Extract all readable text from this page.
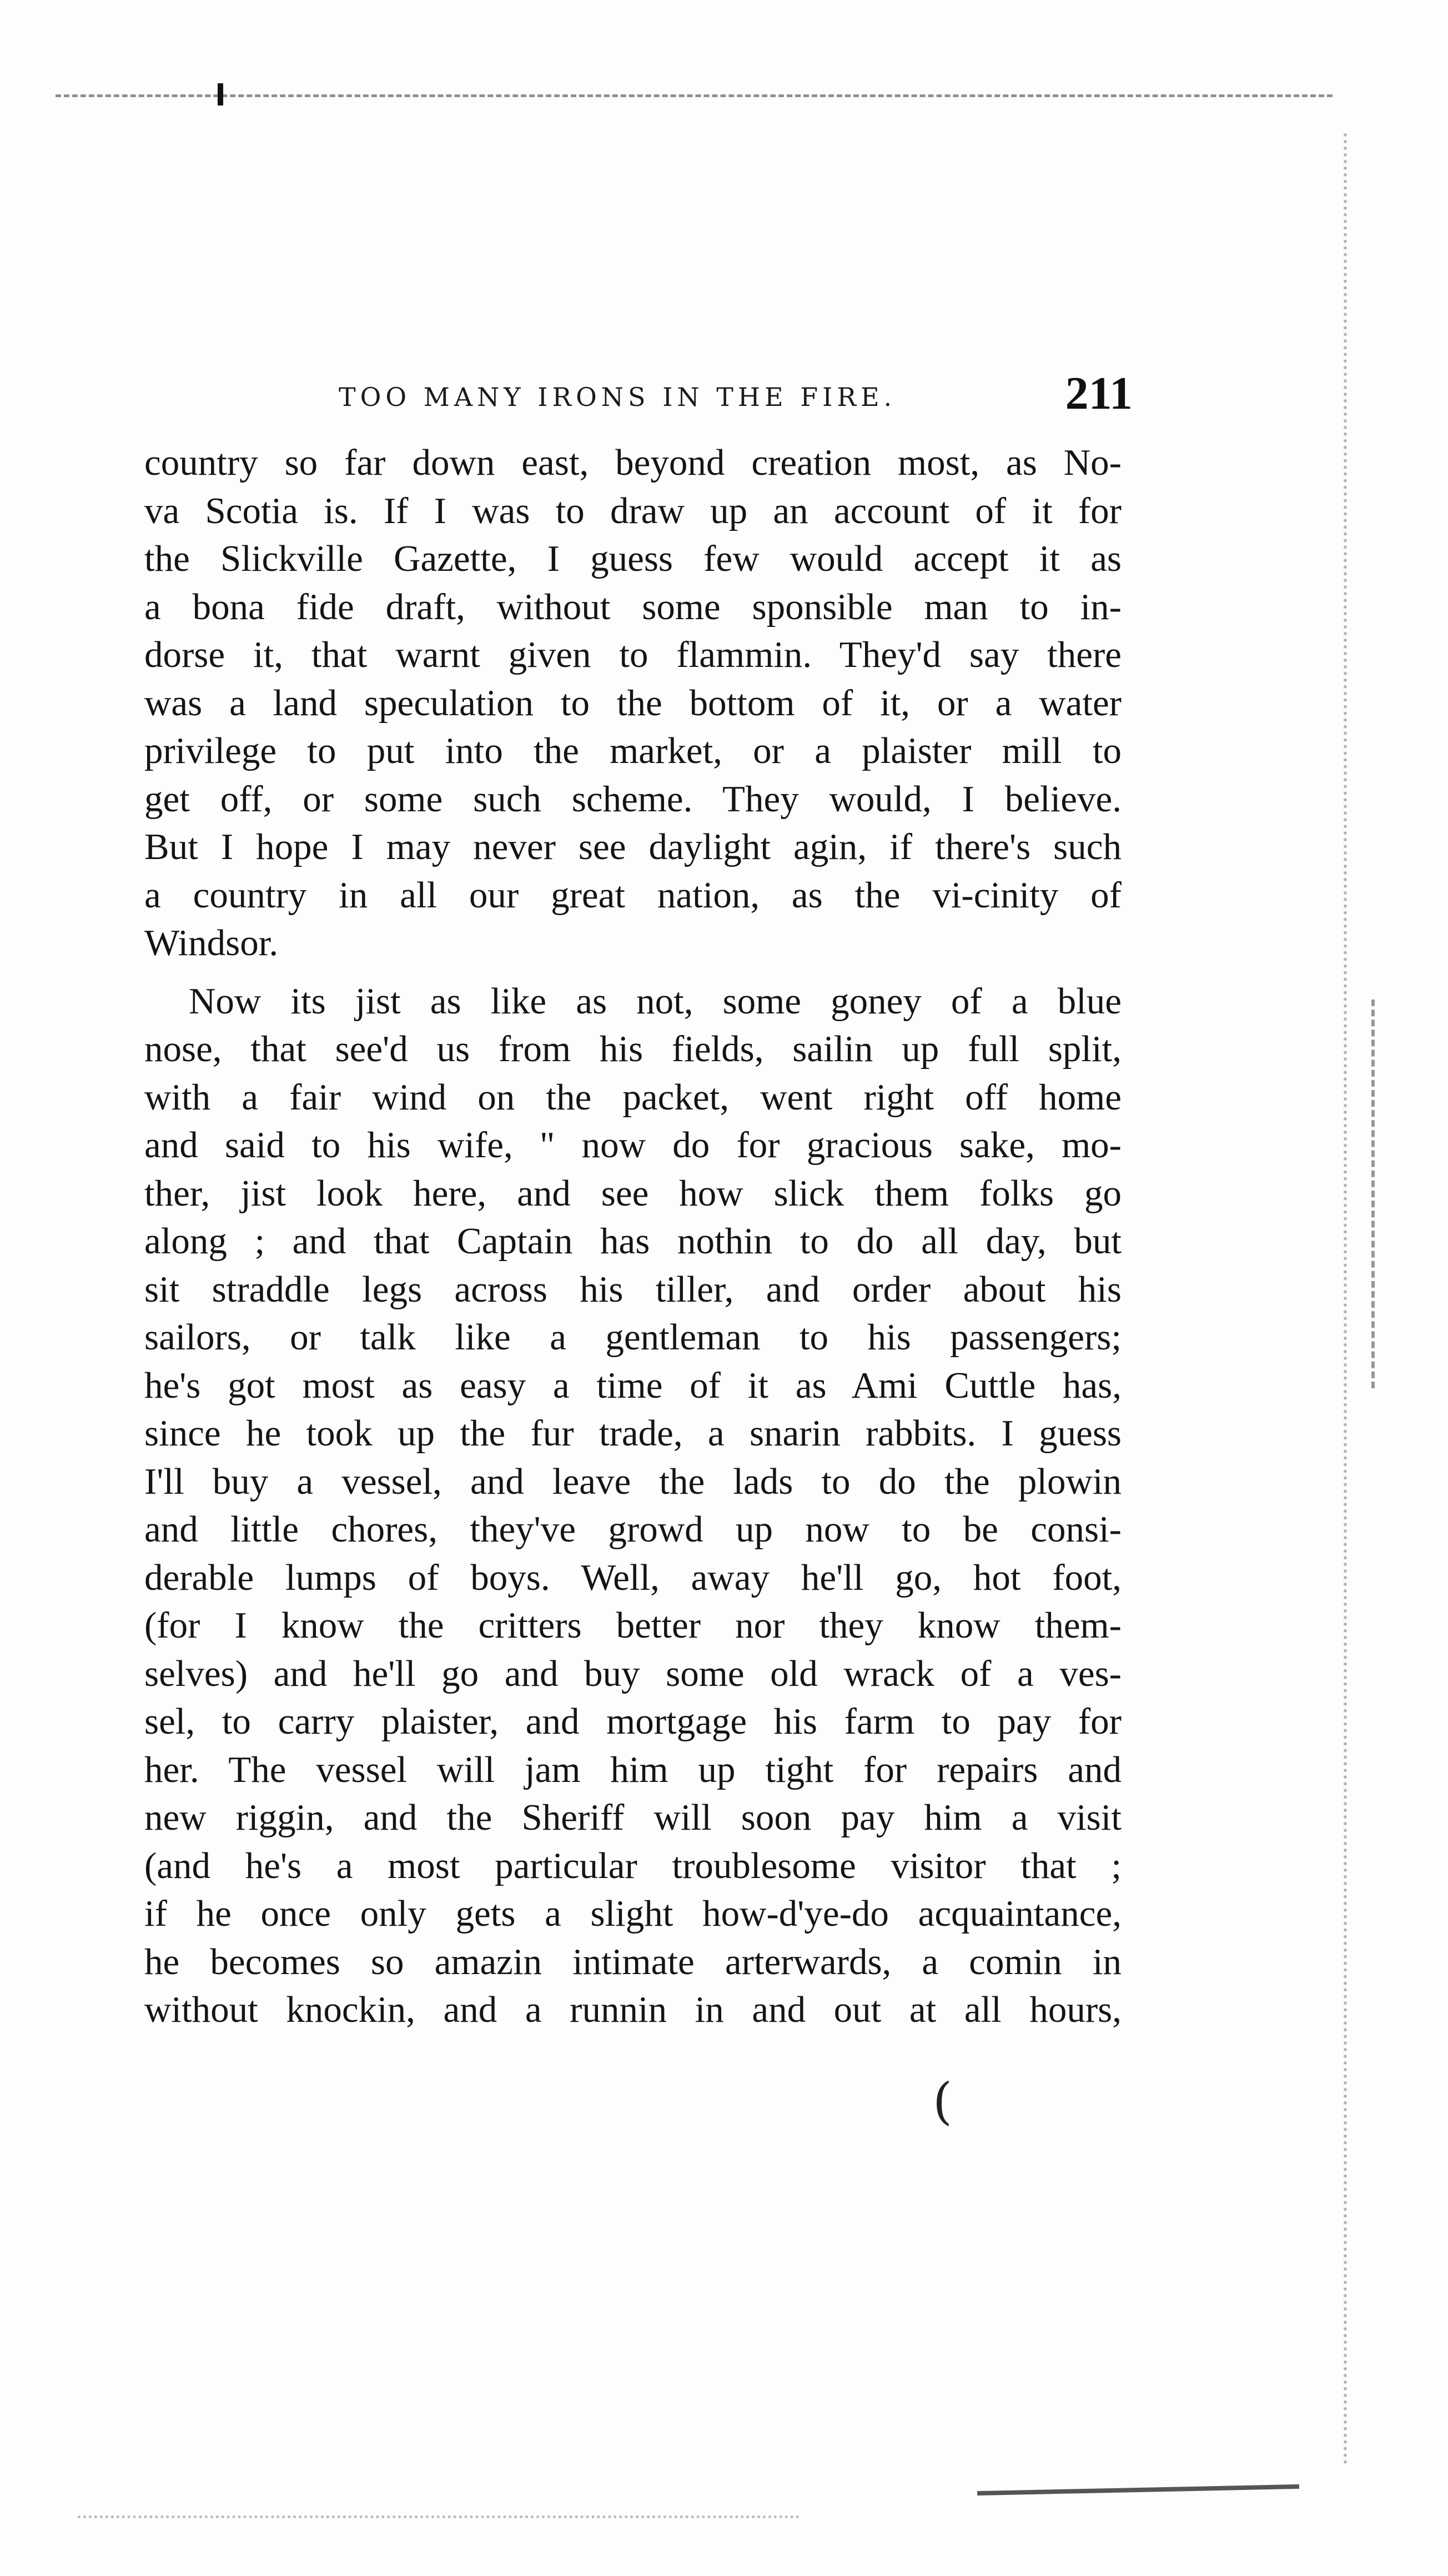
(
TOO MANY IRONS IN THE FIRE.	211
country so far down east, beyond creation most, as No-
va Scotia is. If I was to draw up an account of it for
the Slickville Gazette, I guess few would accept it as
a bona fide draft, without some sponsible man to in-
dorse it, that warnt given to flammin. They'd say there
was a land speculation to the bottom of it, or a water
privilege to put into the market, or a plaister mill to
get off, or some such scheme. They would, I believe.
But I hope I may never see daylight agin, if there's such
a country in all our great nation, as the vi-cinity of
Windsor.
Now its jist as like as not, some goney of a blue
nose, that see'd us from his fields, sailin up full split,
with a fair wind on the packet, went right off home
and said to his wife, " now do for gracious sake, mo-
ther, jist look here, and see how slick them folks go
along ; and that Captain has nothin to do all day, but
sit straddle legs across his tiller, and order about his
sailors, or talk like a gentleman to his passengers;
he's got most as easy a time of it as Ami Cuttle has,
since he took up the fur trade, a snarin rabbits. I guess
I'll buy a vessel, and leave the lads to do the plowin
and little chores, they've growd up now to be consi-
derable lumps of boys. Well, away he'll go, hot foot,
(for I know the critters better nor they know them-
selves) and he'll go and buy some old wrack of a ves-
sel, to carry plaister, and mortgage his farm to pay for
her. The vessel will jam him up tight for repairs and
new riggin, and the Sheriff will soon pay him a visit
(and he's a most particular troublesome visitor that ;
if he once only gets a slight how-d'ye-do acquaintance,
he becomes so amazin intimate arterwards, a comin in
without knockin, and a runnin in and out at all hours,
